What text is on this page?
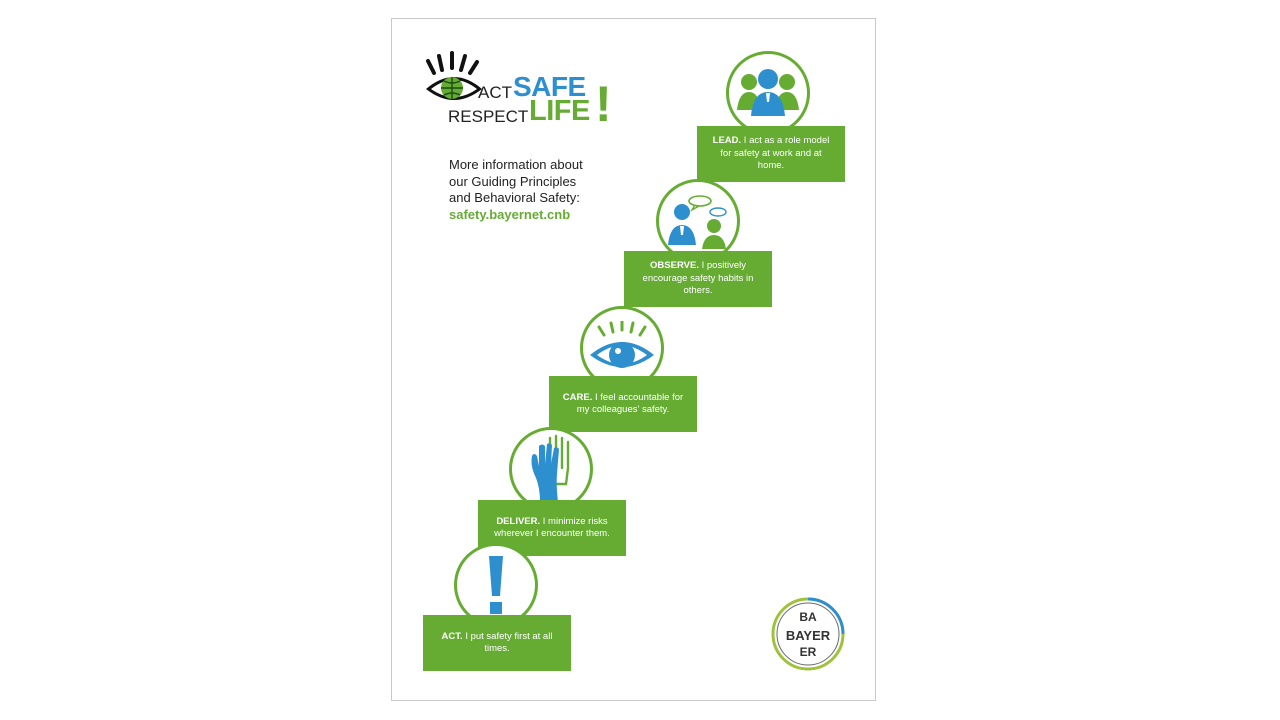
ACT SAFE
RESPECT LIFE !
More information about
our Guiding Principles
and Behavioral Safety:
safety.bayernet.cnb
LEAD. I act as a role model for safety at work and at home.
OBSERVE. I positively encourage safety habits in others.
CARE. I feel accountable for my colleagues' safety.
DELIVER. I minimize risks wherever I encounter them.
ACT. I put safety first at all times.
BA
BAYER
ER
